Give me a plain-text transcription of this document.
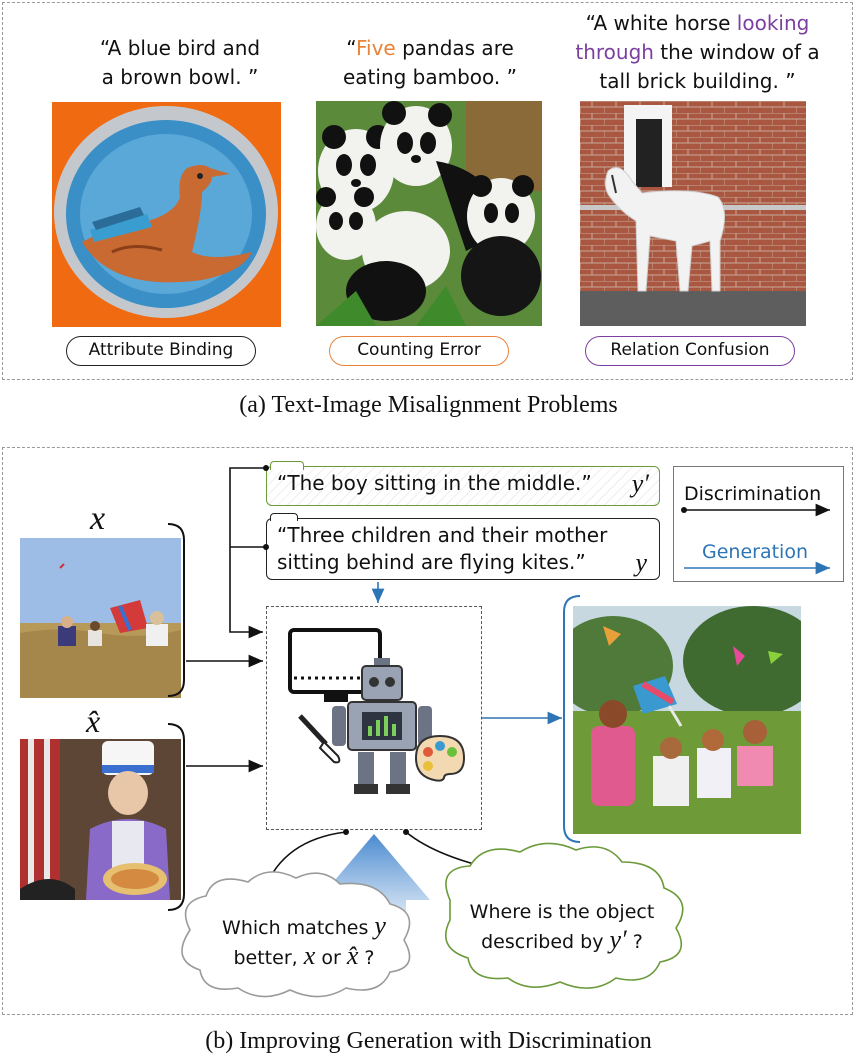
“A blue bird and
a brown bowl. ”
“Five pandas are
eating bamboo. ”
“A white horse looking
through the window of a
tall brick building. ”
Attribute Binding	Counting Error	Relation Confusion
(a) Text-Image Misalignment Problems
x
x̂
“The boy sitting in the middle.” y′
“Three children and their mother
sitting behind are flying kites.”	y
Discrimination
Generation
Which matches y
better, x or x̂ ?
Where is the object
described by y′ ?
(b) Improving Generation with Discrimination
